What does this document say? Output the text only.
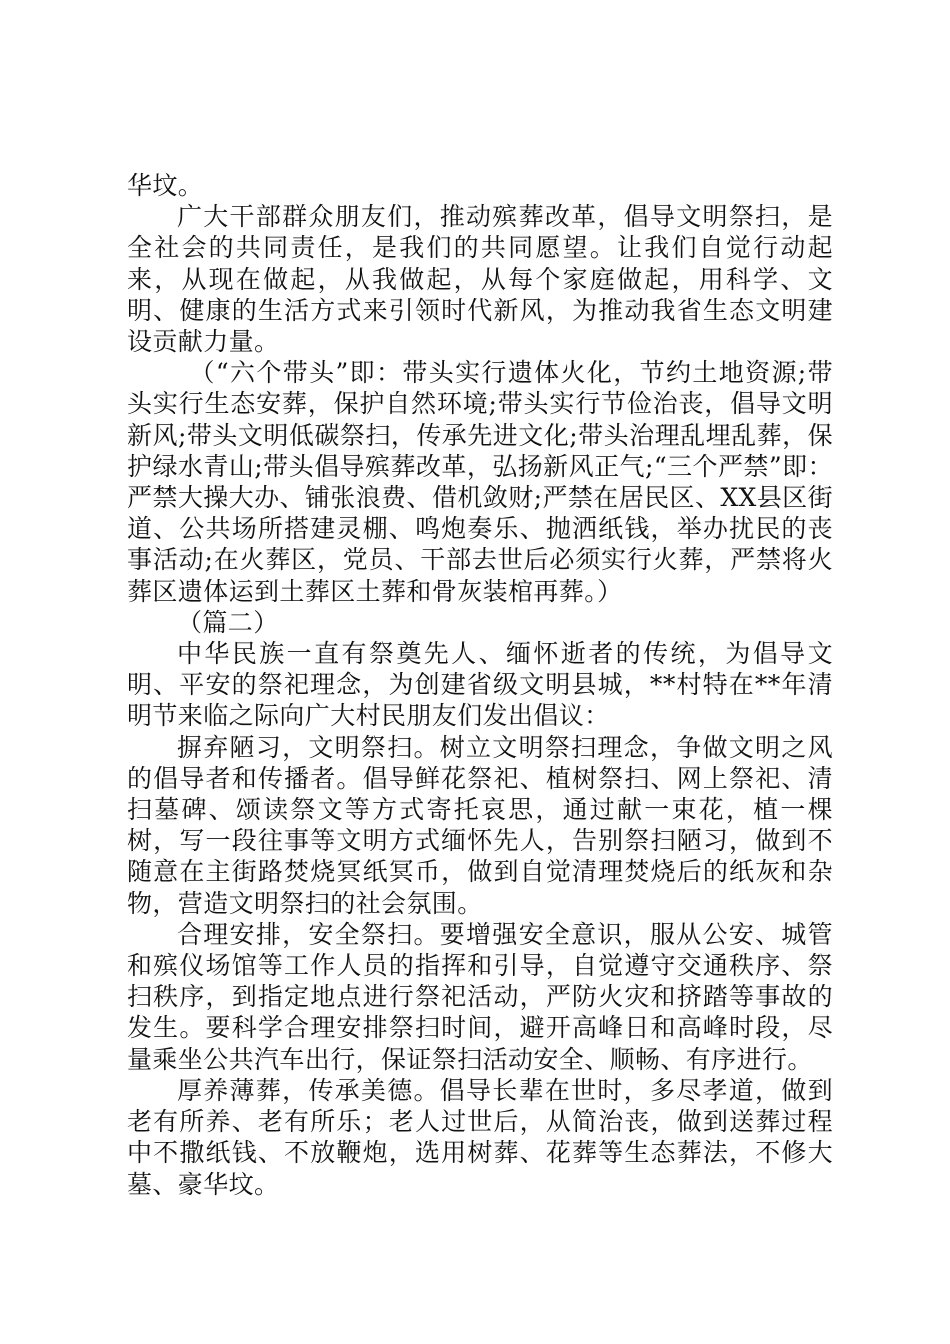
华坟。

广大干部群众朋友们，推动殡葬改革，倡导文明祭扫，是全社会的共同责任，是我们的共同愿望。让我们自觉行动起来，从现在做起，从我做起，从每个家庭做起，用科学、文明、健康的生活方式来引领时代新风，为推动我省生态文明建设贡献力量。

（“六个带头”即：带头实行遗体火化，节约土地资源;带头实行生态安葬，保护自然环境;带头实行节俭治丧，倡导文明新风;带头文明低碳祭扫，传承先进文化;带头治理乱埋乱葬，保护绿水青山;带头倡导殡葬改革，弘扬新风正气;“三个严禁”即：严禁大操大办、铺张浪费、借机敛财;严禁在居民区、XX县区街道、公共场所搭建灵棚、鸣炮奏乐、抛洒纸钱，举办扰民的丧事活动;在火葬区，党员、干部去世后必须实行火葬，严禁将火葬区遗体运到土葬区土葬和骨灰装棺再葬。）

（篇二）

中华民族一直有祭奠先人、缅怀逝者的传统，为倡导文明、平安的祭祀理念，为创建省级文明县城，**村特在**年清明节来临之际向广大村民朋友们发出倡议：

摒弃陋习，文明祭扫。树立文明祭扫理念，争做文明之风的倡导者和传播者。倡导鲜花祭祀、植树祭扫、网上祭祀、清扫墓碑、颂读祭文等方式寄托哀思，通过献一束花，植一棵树，写一段往事等文明方式缅怀先人，告别祭扫陋习，做到不随意在主街路焚烧冥纸冥币，做到自觉清理焚烧后的纸灰和杂物，营造文明祭扫的社会氛围。

合理安排，安全祭扫。要增强安全意识，服从公安、城管和殡仪场馆等工作人员的指挥和引导，自觉遵守交通秩序、祭扫秩序，到指定地点进行祭祀活动，严防火灾和挤踏等事故的发生。要科学合理安排祭扫时间，避开高峰日和高峰时段，尽量乘坐公共汽车出行，保证祭扫活动安全、顺畅、有序进行。

厚养薄葬，传承美德。倡导长辈在世时，多尽孝道，做到老有所养、老有所乐；老人过世后，从简治丧，做到送葬过程中不撒纸钱、不放鞭炮，选用树葬、花葬等生态葬法，不修大墓、豪华坟。
